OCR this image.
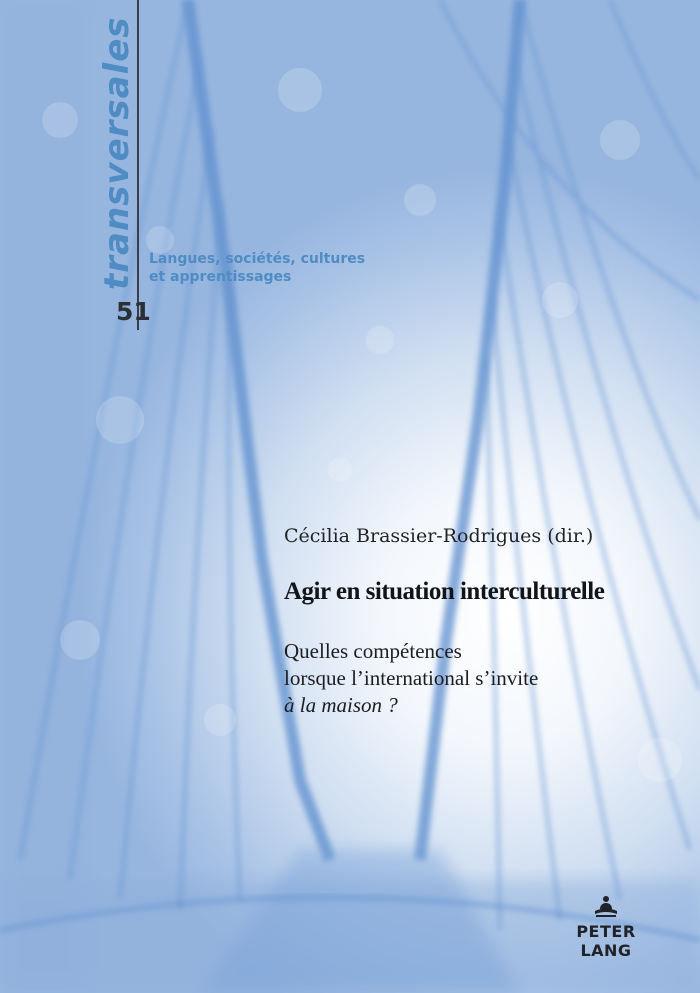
transversales Langues, sociétés, cultures
et apprentissages
51
Cécilia Brassier-Rodrigues (dir.)
Agir en situation interculturelle
Quelles compétences
lorsque l’international s’invite
à la maison ?
PETER LANG
